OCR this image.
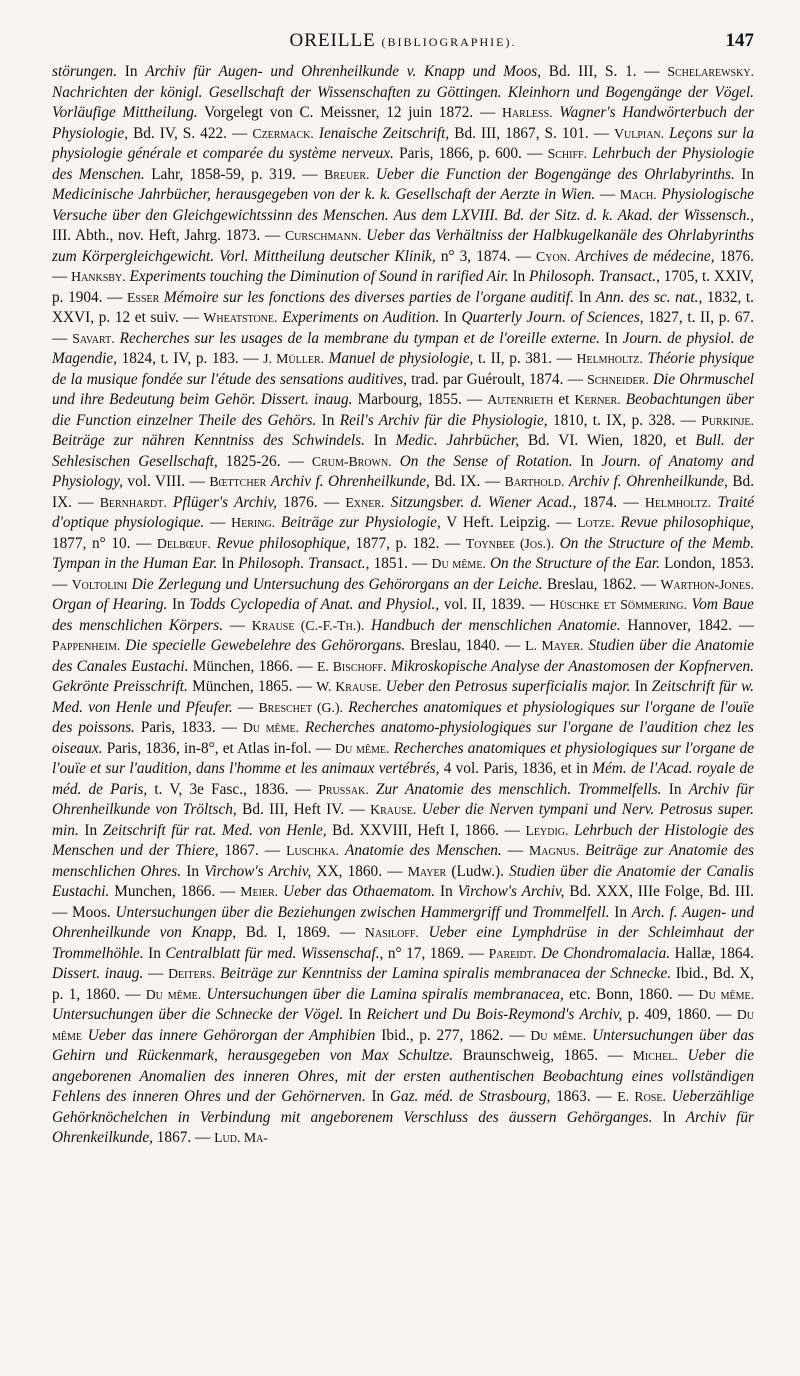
OREILLE (BIBLIOGRAPHIE).	147
störungen. In Archiv für Augen- und Ohrenheilkunde v. Knapp und Moos, Bd. III, S. 1. — Schelarewsky. Nachrichten der königl. Gesellschaft der Wissenschaften zu Göttingen. Kleinhorn und Bogengänge der Vögel. Vorläufige Mittheilung. Vorgelegt von C. Meissner, 12 juin 1872. — Harless. Wagner's Handwörterbuch der Physiologie, Bd. IV, S. 422. — Czermack. Ienaische Zeitschrift, Bd. III, 1867, S. 101. — Vulpian. Leçons sur la physiologie générale et comparée du système nerveux. Paris, 1866, p. 600. — Schiff. Lehrbuch der Physiologie des Menschen. Lahr, 1858-59, p. 319. — Breuer. Ueber die Function der Bogengänge des Ohrlabyrinths. In Medicinische Jahrbücher, herausgegeben von der k. k. Gesellschaft der Aerzte in Wien. — Mach. Physiologische Versuche über den Gleichgewichtssinn des Menschen. Aus dem LXVIII. Bd. der Sitz. d. k. Akad. der Wissensch., III. Abth., nov. Heft, Jahrg. 1873. — Curschmann. Ueber das Verhältniss der Halbkugelkanäle des Ohrlabyrinths zum Körpergleichgewicht. Vorl. Mittheilung deutscher Klinik, n° 3, 1874. — Cyon. Archives de médecine, 1876. — Hanksby. Experiments touching the Diminution of Sound in rarified Air. In Philosoph. Transact., 1705, t. XXIV, p. 1904. — Esser Mémoire sur les fonctions des diverses parties de l'organe auditif. In Ann. des sc. nat., 1832, t. XXVI, p. 12 et suiv. — Wheatstone. Experiments on Audition. In Quarterly Journ. of Sciences, 1827, t. II, p. 67. — Savart. Recherches sur les usages de la membrane du tympan et de l'oreille externe. In Journ. de physiol. de Magendie, 1824, t. IV, p. 183. — J. Müller. Manuel de physiologie, t. II, p. 381. — Helmholtz. Théorie physique de la musique fondée sur l'étude des sensations auditives, trad. par Guéroult, 1874. — Schneider. Die Ohrmuschel und ihre Bedeutung beim Gehör. Dissert. inaug. Marbourg, 1855. — Autenrieth et Kerner. Beobachtungen über die Function einzelner Theile des Gehörs. In Reil's Archiv für die Physiologie, 1810, t. IX, p. 328. — Purkinje. Beiträge zur nähren Kenntniss des Schwindels. In Medic. Jahrbücher, Bd. VI. Wien, 1820, et Bull. der Sehlesischen Gesellschaft, 1825-26. — Crum-Brown. On the Sense of Rotation. In Journ. of Anatomy and Physiology, vol. VIII. — Bœttcher Archiv f. Ohrenheilkunde, Bd. IX. — Barthold. Archiv f. Ohrenheilkunde, Bd. IX. — Bernhardt. Pflüger's Archiv, 1876. — Exner. Sitzungsber. d. Wiener Acad., 1874. — Helmholtz. Traité d'optique physiologique. — Hering. Beiträge zur Physiologie, V Heft. Leipzig. — Lotze. Revue philosophique, 1877, n° 10. — Delbœuf. Revue philosophique, 1877, p. 182. — Toynbee (Jos.). On the Structure of the Memb. Tympan in the Human Ear. In Philosoph. Transact., 1851. — Du même. On the Structure of the Ear. London, 1853. — Voltolini Die Zerlegung und Untersuchung des Gehörorgans an der Leiche. Breslau, 1862. — Warthon-Jones. Organ of Hearing. In Todds Cyclopedia of Anat. and Physiol., vol. II, 1839. — Hüschke et Sömmering. Vom Baue des menschlichen Körpers. — Krause (C.-F.-Th.). Handbuch der menschlichen Anatomie. Hannover, 1842. — Pappenheim. Die specielle Gewebelehre des Gehörorgans. Breslau, 1840. — L. Mayer. Studien über die Anatomie des Canales Eustachi. München, 1866. — E. Bischoff. Mikroskopische Analyse der Anastomosen der Kopfnerven. Gekrönte Preisschrift. München, 1865. — W. Krause. Ueber den Petrosus superficialis major. In Zeitschrift für w. Med. von Henle und Pfeufer. — Breschet (G.). Recherches anatomiques et physiologiques sur l'organe de l'ouïe des poissons. Paris, 1833. — Du même. Recherches anatomo-physiologiques sur l'organe de l'audition chez les oiseaux. Paris, 1836, in-8°, et Atlas in-fol. — Du même. Recherches anatomiques et physiologiques sur l'organe de l'ouïe et sur l'audition, dans l'homme et les animaux vertébrés, 4 vol. Paris, 1836, et in Mém. de l'Acad. royale de méd. de Paris, t. V, 3e Fasc., 1836. — Prussak. Zur Anatomie des menschlich. Trommelfells. In Archiv für Ohrenheilkunde von Tröltsch, Bd. III, Heft IV. — Krause. Ueber die Nerven tympani und Nerv. Petrosus super. min. In Zeitschrift für rat. Med. von Henle, Bd. XXVIII, Heft I, 1866. — Leydig. Lehrbuch der Histologie des Menschen und der Thiere, 1867. — Luschka. Anatomie des Menschen. — Magnus. Beiträge zur Anatomie des menschlichen Ohres. In Virchow's Archiv, XX, 1860. — Mayer (Ludw.). Studien über die Anatomie der Canalis Eustachi. Munchen, 1866. — Meier. Ueber das Othaematom. In Virchow's Archiv, Bd. XXX, IIIe Folge, Bd. III. — Moos. Untersuchungen über die Beziehungen zwischen Hammergriff und Trommelfell. In Arch. f. Augen- und Ohrenheilkunde von Knapp, Bd. I, 1869. — Nasiloff. Ueber eine Lymphdrüse in der Schleimhaut der Trommelhöhle. In Centralblatt für med. Wissenschaf., n° 17, 1869. — Pareidt. De Chondromalacia. Hallæ, 1864. Dissert. inaug. — Deiters. Beiträge zur Kenntniss der Lamina spiralis membranacea der Schnecke. Ibid., Bd. X, p. 1, 1860. — Du même. Untersuchungen über die Lamina spiralis membranacea, etc. Bonn, 1860. — Du même. Untersuchungen über die Schnecke der Vögel. In Reichert und Du Bois-Reymond's Archiv, p. 409, 1860. — Du même Ueber das innere Gehörorgan der Amphibien Ibid., p. 277, 1862. — Du même. Untersuchungen über das Gehirn und Rückenmark, herausgegeben von Max Schultze. Braunschweig, 1865. — Michel. Ueber die angeborenen Anomalien des inneren Ohres, mit der ersten authentischen Beobachtung eines vollständigen Fehlens des inneren Ohres und der Gehörnerven. In Gaz. méd. de Strasbourg, 1863. — E. Rose. Ueberzählige Gehörknöchelchen in Verbindung mit angeborenem Verschluss des äussern Gehörganges. In Archiv für Ohrenkeilkunde, 1867. — Lud. Ma-
